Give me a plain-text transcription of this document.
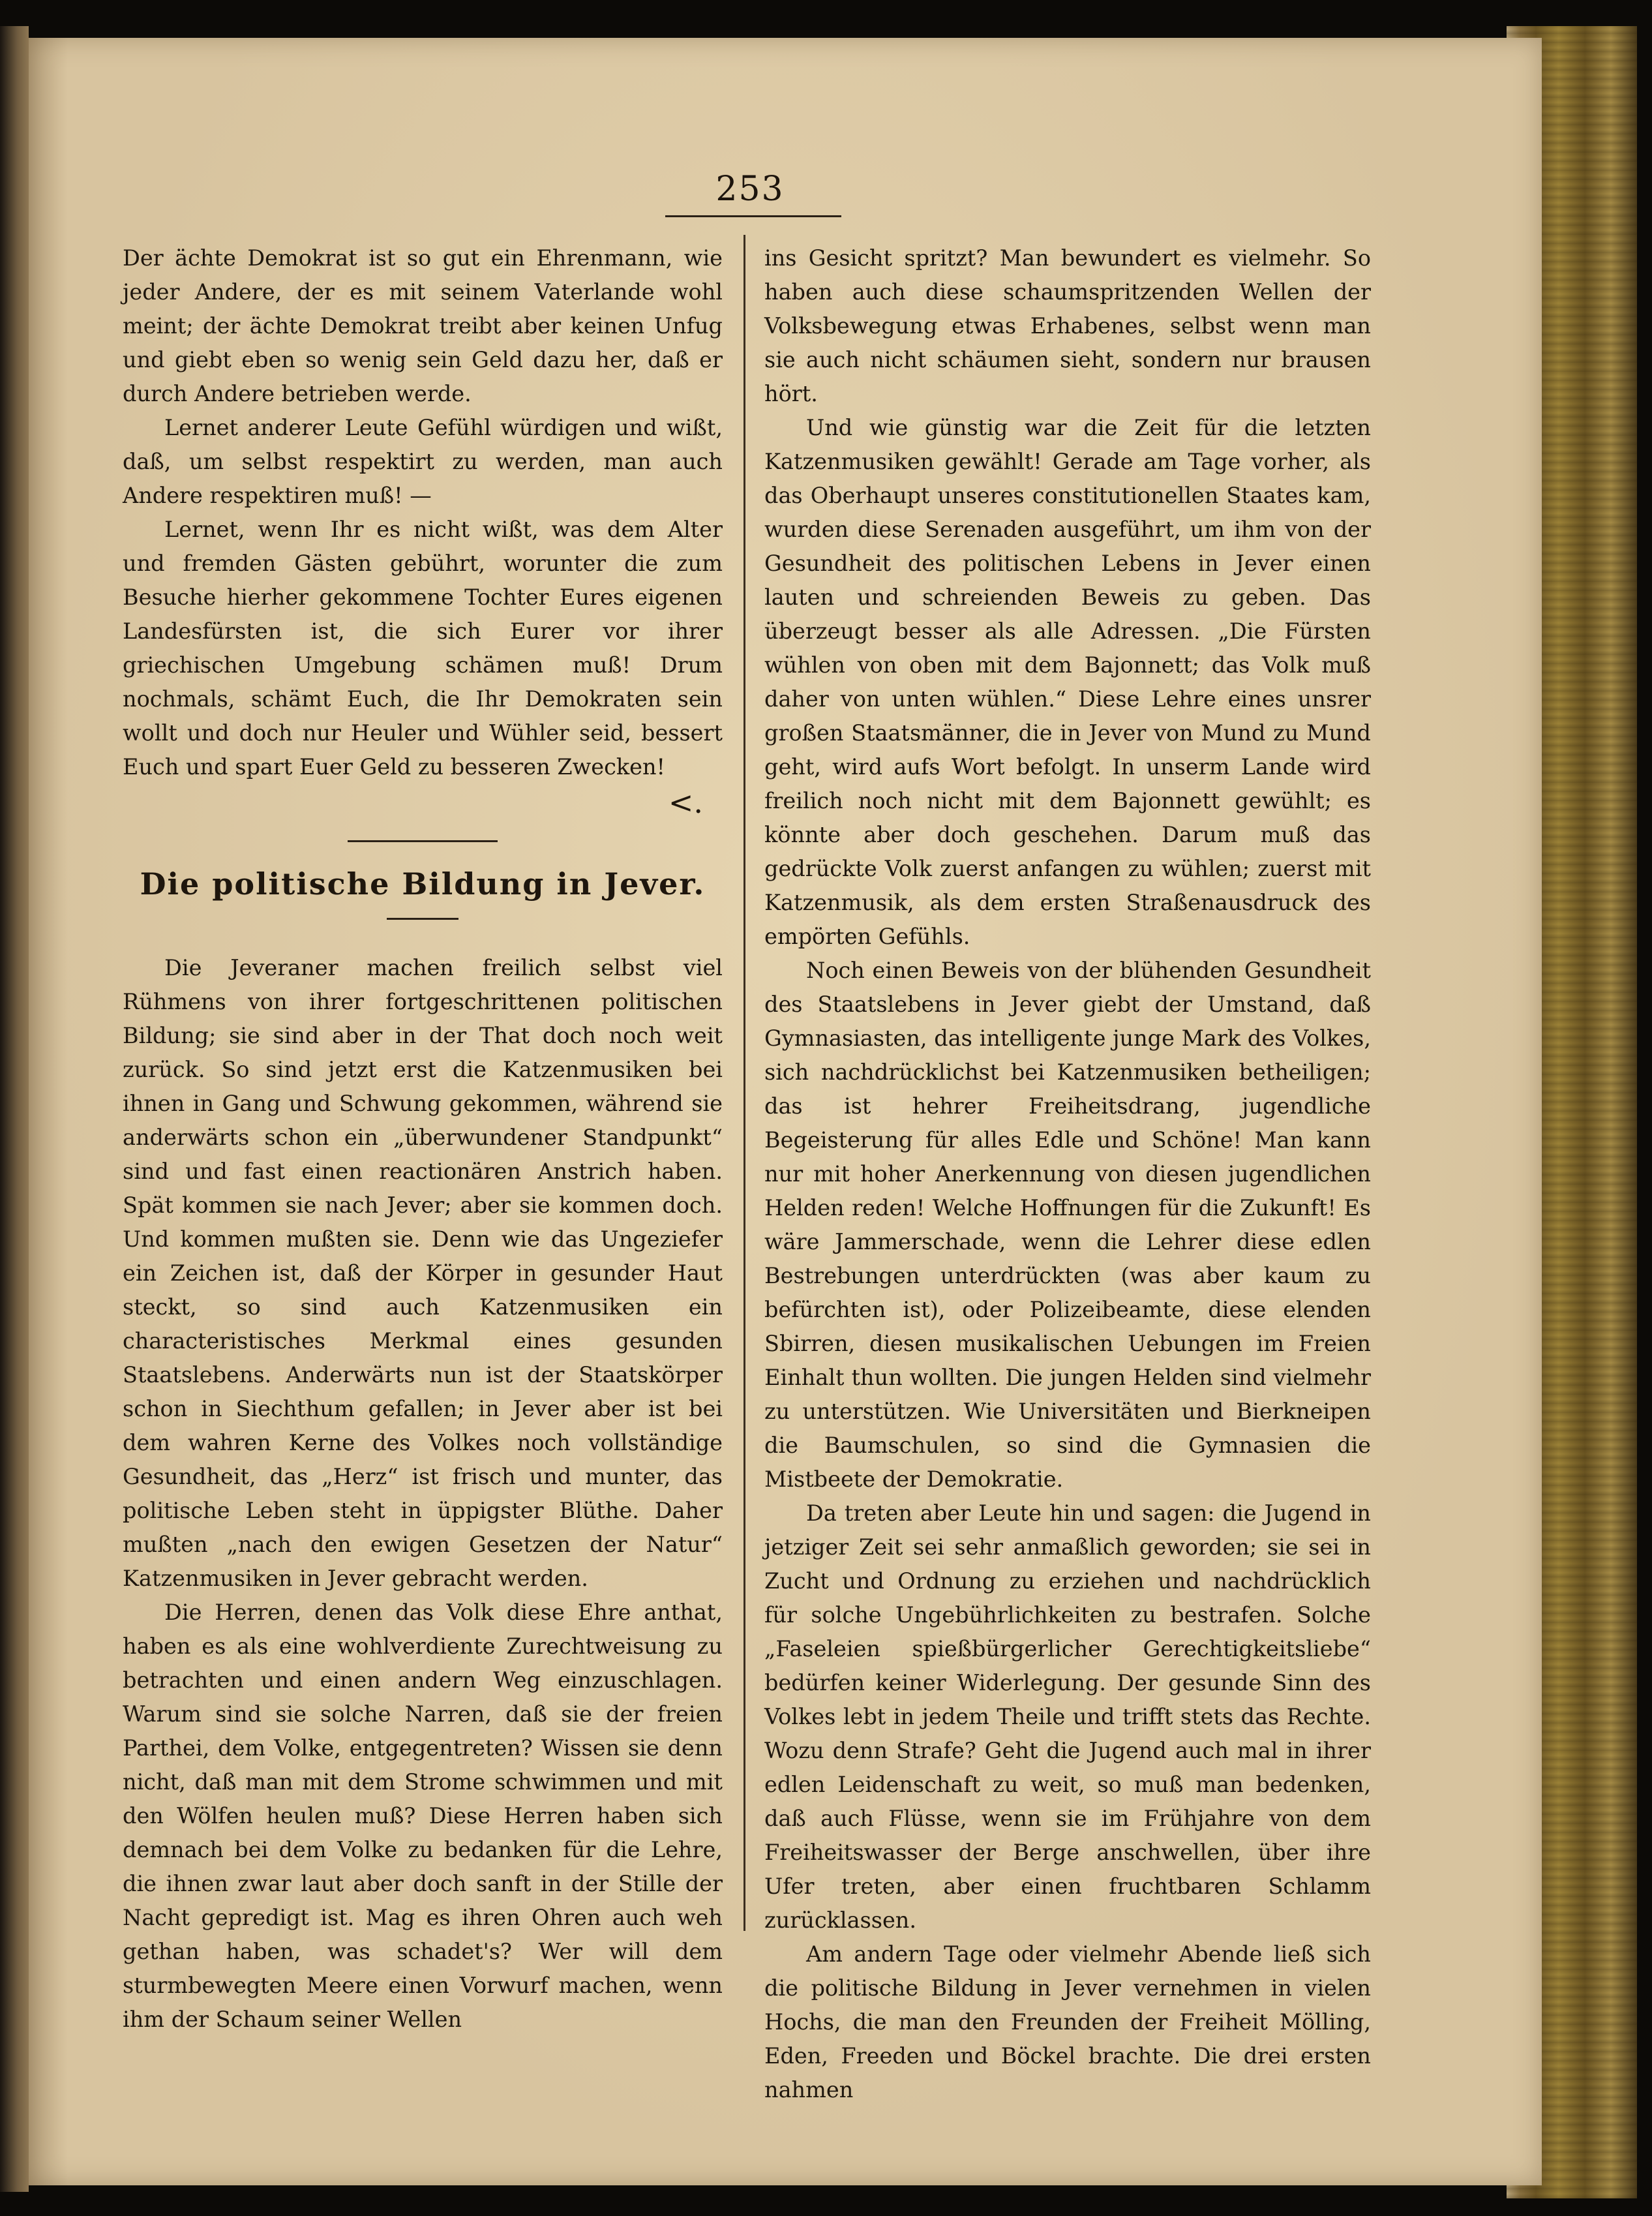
253

Der ächte Demokrat ist so gut ein Ehrenmann, wie jeder Andere, der es mit seinem Vaterlande wohl meint; der ächte Demokrat treibt aber keinen Unfug und giebt eben so wenig sein Geld dazu her, daß er durch Andere betrieben werde.

Lernet anderer Leute Gefühl würdigen und wißt, daß, um selbst respektirt zu werden, man auch Andere respektiren muß! —

Lernet, wenn Ihr es nicht wißt, was dem Alter und fremden Gästen gebührt, worunter die zum Besuche hierher gekommene Tochter Eures eigenen Landesfürsten ist, die sich Eurer vor ihrer griechischen Umgebung schämen muß! Drum nochmals, schämt Euch, die Ihr Demokraten sein wollt und doch nur Heuler und Wühler seid, bessert Euch und spart Euer Geld zu besseren Zwecken!

<.

Die politische Bildung in Jever.

Die Jeveraner machen freilich selbst viel Rühmens von ihrer fortgeschrittenen politischen Bildung; sie sind aber in der That doch noch weit zurück. So sind jetzt erst die Katzenmusiken bei ihnen in Gang und Schwung gekommen, während sie anderwärts schon ein „überwundener Standpunkt“ sind und fast einen reactionären Anstrich haben. Spät kommen sie nach Jever; aber sie kommen doch. Und kommen mußten sie. Denn wie das Ungeziefer ein Zeichen ist, daß der Körper in gesunder Haut steckt, so sind auch Katzenmusiken ein characteristisches Merkmal eines gesunden Staatslebens. Anderwärts nun ist der Staatskörper schon in Siechthum gefallen; in Jever aber ist bei dem wahren Kerne des Volkes noch vollständige Gesundheit, das „Herz“ ist frisch und munter, das politische Leben steht in üppigster Blüthe. Daher mußten „nach den ewigen Gesetzen der Natur“ Katzenmusiken in Jever gebracht werden.

Die Herren, denen das Volk diese Ehre anthat, haben es als eine wohlverdiente Zurechtweisung zu betrachten und einen andern Weg einzuschlagen. Warum sind sie solche Narren, daß sie der freien Parthei, dem Volke, entgegentreten? Wissen sie denn nicht, daß man mit dem Strome schwimmen und mit den Wölfen heulen muß? Diese Herren haben sich demnach bei dem Volke zu bedanken für die Lehre, die ihnen zwar laut aber doch sanft in der Stille der Nacht gepredigt ist. Mag es ihren Ohren auch weh gethan haben, was schadet's? Wer will dem sturmbewegten Meere einen Vorwurf machen, wenn ihm der Schaum seiner Wellen

ins Gesicht spritzt? Man bewundert es vielmehr. So haben auch diese schaumspritzenden Wellen der Volksbewegung etwas Erhabenes, selbst wenn man sie auch nicht schäumen sieht, sondern nur brausen hört.

Und wie günstig war die Zeit für die letzten Katzenmusiken gewählt! Gerade am Tage vorher, als das Oberhaupt unseres constitutionellen Staates kam, wurden diese Serenaden ausgeführt, um ihm von der Gesundheit des politischen Lebens in Jever einen lauten und schreienden Beweis zu geben. Das überzeugt besser als alle Adressen. „Die Fürsten wühlen von oben mit dem Bajonnett; das Volk muß daher von unten wühlen.“ Diese Lehre eines unsrer großen Staatsmänner, die in Jever von Mund zu Mund geht, wird aufs Wort befolgt. In unserm Lande wird freilich noch nicht mit dem Bajonnett gewühlt; es könnte aber doch geschehen. Darum muß das gedrückte Volk zuerst anfangen zu wühlen; zuerst mit Katzenmusik, als dem ersten Straßenausdruck des empörten Gefühls.

Noch einen Beweis von der blühenden Gesundheit des Staatslebens in Jever giebt der Umstand, daß Gymnasiasten, das intelligente junge Mark des Volkes, sich nachdrücklichst bei Katzenmusiken betheiligen; das ist hehrer Freiheitsdrang, jugendliche Begeisterung für alles Edle und Schöne! Man kann nur mit hoher Anerkennung von diesen jugendlichen Helden reden! Welche Hoffnungen für die Zukunft! Es wäre Jammerschade, wenn die Lehrer diese edlen Bestrebungen unterdrückten (was aber kaum zu befürchten ist), oder Polizeibeamte, diese elenden Sbirren, diesen musikalischen Uebungen im Freien Einhalt thun wollten. Die jungen Helden sind vielmehr zu unterstützen. Wie Universitäten und Bierkneipen die Baumschulen, so sind die Gymnasien die Mistbeete der Demokratie.

Da treten aber Leute hin und sagen: die Jugend in jetziger Zeit sei sehr anmaßlich geworden; sie sei in Zucht und Ordnung zu erziehen und nachdrücklich für solche Ungebührlichkeiten zu bestrafen. Solche „Faseleien spießbürgerlicher Gerechtigkeitsliebe“ bedürfen keiner Widerlegung. Der gesunde Sinn des Volkes lebt in jedem Theile und trifft stets das Rechte. Wozu denn Strafe? Geht die Jugend auch mal in ihrer edlen Leidenschaft zu weit, so muß man bedenken, daß auch Flüsse, wenn sie im Frühjahre von dem Freiheitswasser der Berge anschwellen, über ihre Ufer treten, aber einen fruchtbaren Schlamm zurücklassen.

Am andern Tage oder vielmehr Abende ließ sich die politische Bildung in Jever vernehmen in vielen Hochs, die man den Freunden der Freiheit Mölling, Eden, Freeden und Böckel brachte. Die drei ersten nahmen
